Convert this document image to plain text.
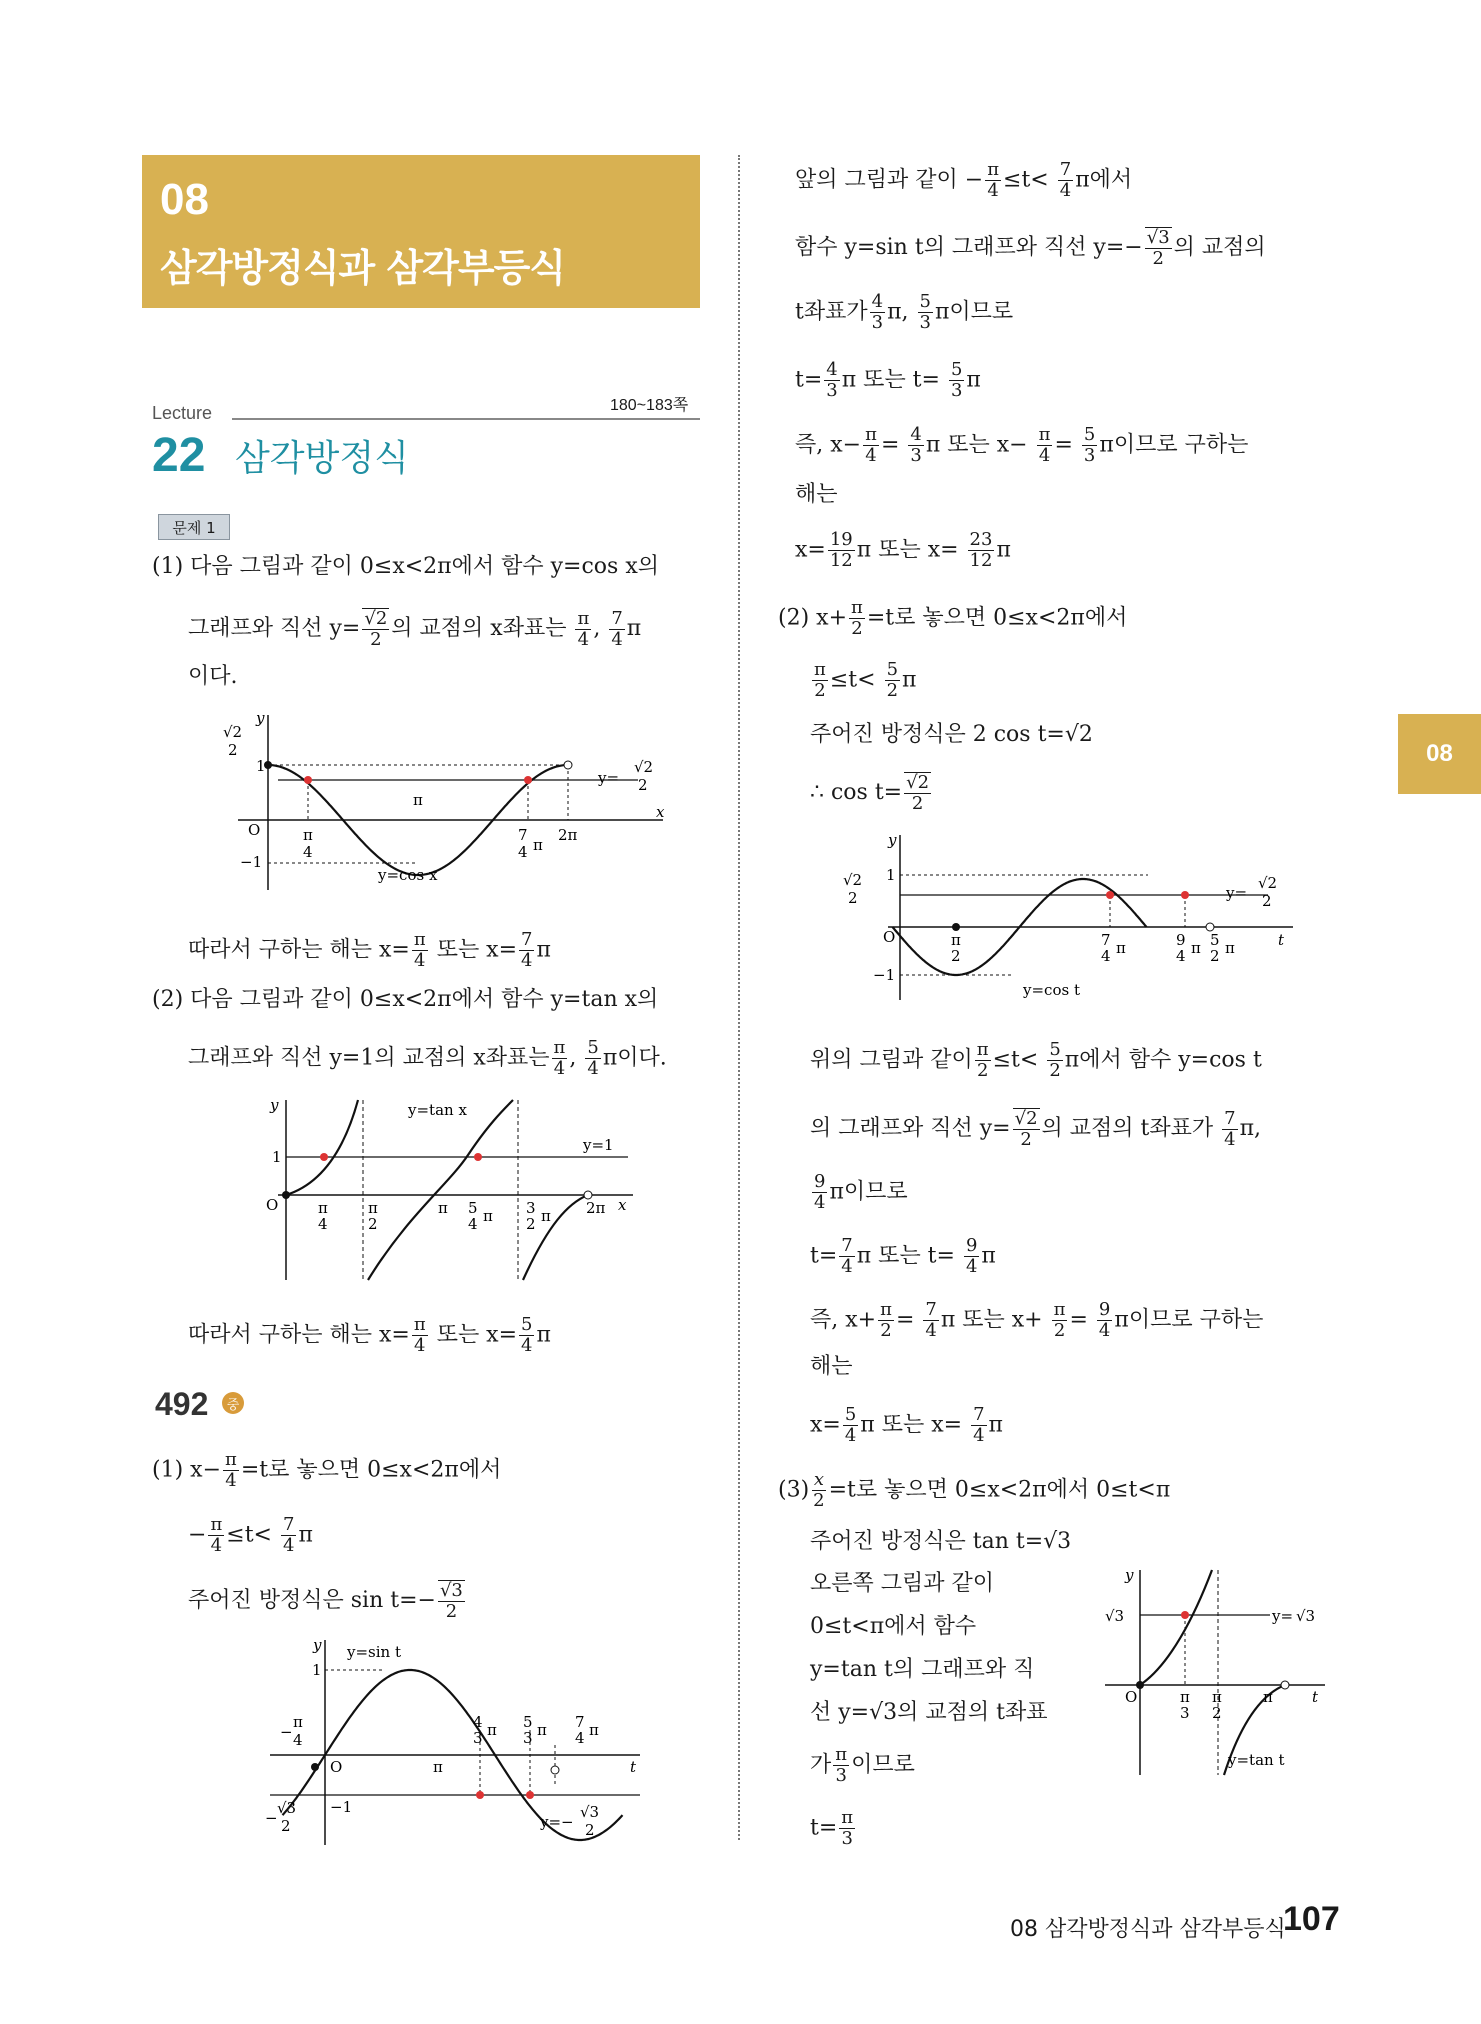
08
삼각방정식과 삼각부등식
08
Lecture	180~183쪽
22 삼각방정식
문제 1
(1) 다음 그림과 같이 0≤x<2π에서 함수 y=cos x의
그래프와 직선 $y= \frac{√2}{2}$ 의 교점의 x좌표는 $\frac{\pi}{4}$ , $\frac{7}{4}$ π
이다.
O
1
−1
x
y
2π
π
π
4
7
4 π
y=cos x
y=
√2
2
√2
2
따라서 구하는 해는 $x= \frac{\pi}{4}$ 또는 $x= \frac{7}{4}$ π
(2) 다음 그림과 같이 0≤x<2π에서 함수 y=tan x의
그래프와 직선 y=1의 교점의 x좌표는 $\frac{\pi}{4}$ , $\frac{5}{4}$ π이다.
O
1
y
x
y=tan x
y=1
π
4
π
2
π 5
4 π 3
2 π 2π
따라서 구하는 해는 $x= \frac{\pi}{4}$ 또는 $x= \frac{5}{4}$ π
492	중
(1) $x- \frac{\pi}{4} =t$로 놓으면 0≤x<2π에서
− $\frac{\pi}{4} \le t< \frac{7}{4}$ π
주어진 방정식은 $\sin t=- \frac{√3}{2}$
O
1
y
t
y=sin t
π
−1
−
π
4
4
3 π 5
3 π 7
4 π
−
√3
2	y=−
√3
2
앞의 그림과 같이 − $\frac{\pi}{4} \le t< \frac{7}{4}$ π에서
함수 y=sin t의 그래프와 직선 $y=- \frac{√3}{2}$ 의 교점의
t좌표가 $\frac{4}{3} \pi$, $\frac{5}{3}$ π이므로
$t= \frac{4}{3}$ π 또는 $t= \frac{5}{3}$ π
즉, $x- \frac{\pi}{4} = \frac{4}{3}$ π 또는 $x- \frac{\pi}{4} = \frac{5}{3}$ π이므로 구하는
해는
$x= \frac{19}{12}$ π 또는 $x= \frac{23}{12}$ π
(2) $x+ \frac{\pi}{2} =t$로 놓으면 0≤x<2π에서
$\frac{\pi}{2} \le t< \frac{5}{2}$ π
주어진 방정식은 2 cos t=√2
∴ $\cos t= \frac{√2}{2}$
O
1
−1
y
t
y=cos t
π
2
7
4 π	9
4 π 5
2 π
y=
√2
2
√2
2
위의 그림과 같이 $\frac{\pi}{2} \le t< \frac{5}{2}$ π에서 함수 y=cos t
의 그래프와 직선 $y= \frac{√2}{2}$ 의 교점의 t좌표가 $\frac{7}{4} \pi$,
$\frac{9}{4}$ π이므로
$t= \frac{7}{4}$ π 또는 $t= \frac{9}{4}$ π
즉, $x+ \frac{\pi}{2} = \frac{7}{4}$ π 또는 $x+ \frac{\pi}{2} = \frac{9}{4}$ π이므로 구하는
해는
$x= \frac{5}{4}$ π 또는 $x= \frac{7}{4}$ π
$(3) \frac{x}{2} =t$로 놓으면 0≤x<2π에서 0≤t<π
주어진 방정식은 tan t=√3
오른쪽 그림과 같이
0≤t<π에서 함수
y=tan t의 그래프와 직
선 y=√3의 교점의 t좌표
가 $\frac{\pi}{3}$ 이므로
$t= \frac{\pi}{3}$
O
y
t
√3
π
3
π
2
π
y= √3
y=tan t
08 삼각방정식과 삼각부등식
107
